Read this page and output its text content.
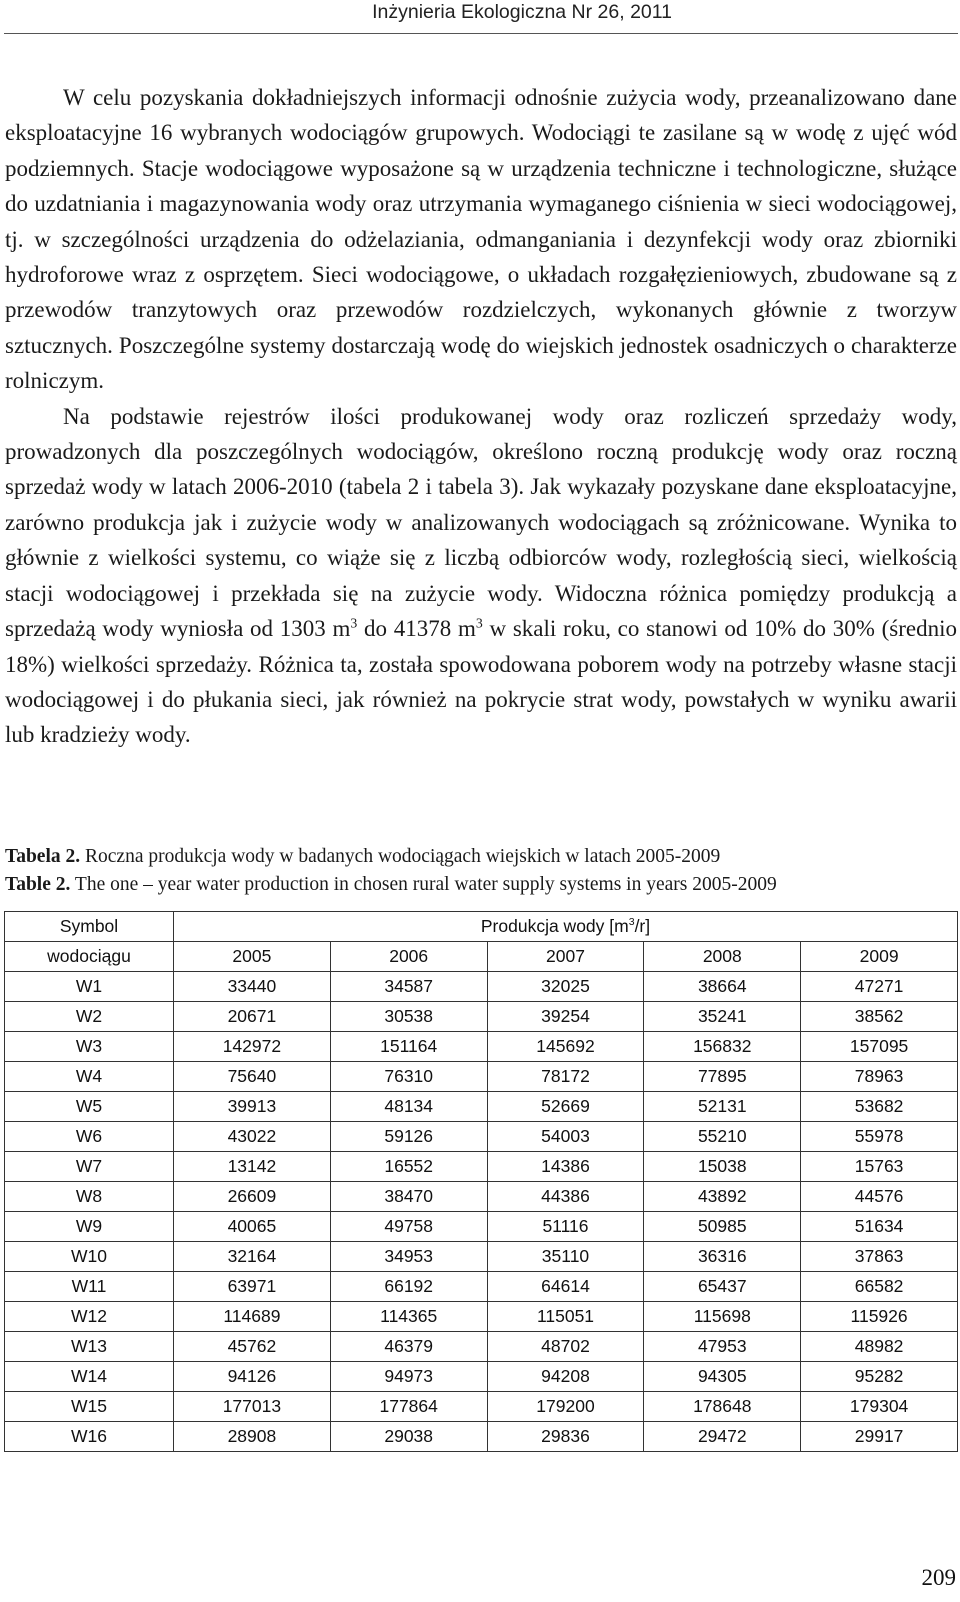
Inżynieria Ekologiczna Nr 26, 2011

W celu pozyskania dokładniejszych informacji odnośnie zużycia wody, przeanalizowano dane eksploatacyjne 16 wybranych wodociągów grupowych. Wodociągi te zasilane są w wodę z ujęć wód podziemnych. Stacje wodociągowe wyposażone są w urządzenia techniczne i technologiczne, służące do uzdatniania i magazynowania wody oraz utrzymania wymaganego ciśnienia w sieci wodociągowej, tj. w szczególności urządzenia do odżelaziania, odmanganiania i dezynfekcji wody oraz zbiorniki hydroforowe wraz z osprzętem. Sieci wodociągowe, o układach rozgałęzieniowych, zbudowane są z przewodów tranzytowych oraz przewodów rozdzielczych, wykonanych głównie z tworzyw sztucznych. Poszczególne systemy dostarczają wodę do wiejskich jednostek osadniczych o charakterze rolniczym.

Na podstawie rejestrów ilości produkowanej wody oraz rozliczeń sprzedaży wody, prowadzonych dla poszczególnych wodociągów, określono roczną produkcję wody oraz roczną sprzedaż wody w latach 2006-2010 (tabela 2 i tabela 3). Jak wykazały pozyskane dane eksploatacyjne, zarówno produkcja jak i zużycie wody w analizowanych wodociągach są zróżnicowane. Wynika to głównie z wielkości systemu, co wiąże się z liczbą odbiorców wody, rozległością sieci, wielkością stacji wodociągowej i przekłada się na zużycie wody. Widoczna różnica pomiędzy produkcją a sprzedażą wody wyniosła od 1303 $m^3$ do 41378 $m^3$ w skali roku, co stanowi od 10% do 30% (średnio 18%) wielkości sprzedaży. Różnica ta, została spowodowana poborem wody na potrzeby własne stacji wodociągowej i do płukania sieci, jak również na pokrycie strat wody, powstałych w wyniku awarii lub kradzieży wody.

Tabela 2. Roczna produkcja wody w badanych wodociągach wiejskich w latach 2005-2009
Table 2. The one – year water production in chosen rural water supply systems in years 2005-2009
Symbol	Produkcja wody $[m^3/r]$				
wodociągu	2005	2006	2007	2008	2009
W1	33440	34587	32025	38664	47271
W2	20671	30538	39254	35241	38562
W3	142972	151164	145692	156832	157095
W4	75640	76310	78172	77895	78963
W5	39913	48134	52669	52131	53682
W6	43022	59126	54003	55210	55978
W7	13142	16552	14386	15038	15763
W8	26609	38470	44386	43892	44576
W9	40065	49758	51116	50985	51634
W10	32164	34953	35110	36316	37863
W11	63971	66192	64614	65437	66582
W12	114689	114365	115051	115698	115926
W13	45762	46379	48702	47953	48982
W14	94126	94973	94208	94305	95282
W15	177013	177864	179200	178648	179304
W16	28908	29038	29836	29472	29917
209
